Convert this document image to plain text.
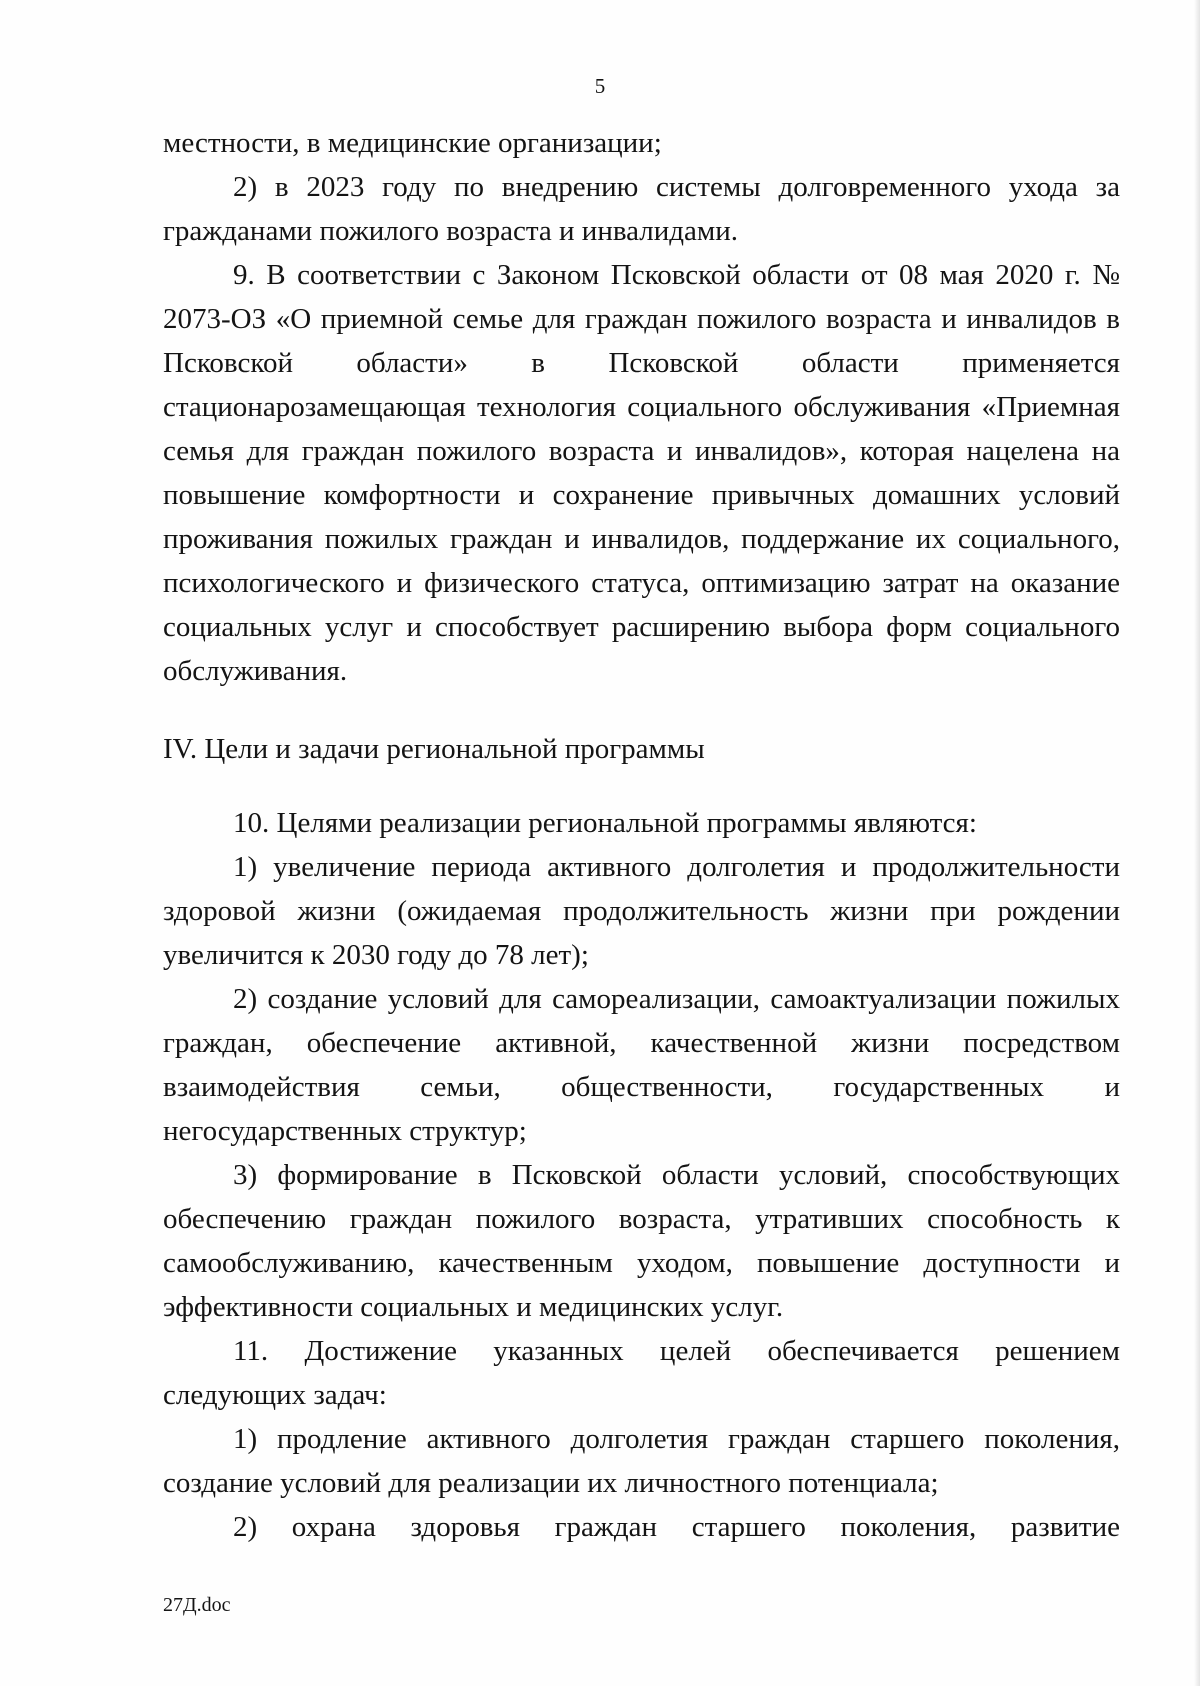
5

местности, в медицинские организации;

2) в 2023 году по внедрению системы долговременного ухода за гражданами пожилого возраста и инвалидами.

9. В соответствии с Законом Псковской области от 08 мая 2020 г. № 2073-ОЗ «О приемной семье для граждан пожилого возраста и инвалидов в Псковской области» в Псковской области применяется стационарозамещающая технология социального обслуживания «Приемная семья для граждан пожилого возраста и инвалидов», которая нацелена на повышение комфортности и сохранение привычных домашних условий проживания пожилых граждан и инвалидов, поддержание их социального, психологического и физического статуса, оптимизацию затрат на оказание социальных услуг и способствует расширению выбора форм социального обслуживания.

IV. Цели и задачи региональной программы

10. Целями реализации региональной программы являются:

1) увеличение периода активного долголетия и продолжительности здоровой жизни (ожидаемая продолжительность жизни при рождении увеличится к 2030 году до 78 лет);

2) создание условий для самореализации, самоактуализации пожилых граждан, обеспечение активной, качественной жизни посредством взаимодействия семьи, общественности, государственных и негосударственных структур;

3) формирование в Псковской области условий, способствующих обеспечению граждан пожилого возраста, утративших способность к самообслуживанию, качественным уходом, повышение доступности и эффективности социальных и медицинских услуг.

11. Достижение указанных целей обеспечивается решением следующих задач:

1) продление активного долголетия граждан старшего поколения, создание условий для реализации их личностного потенциала;

2) охрана здоровья граждан старшего поколения, развитие

27Д.doc
